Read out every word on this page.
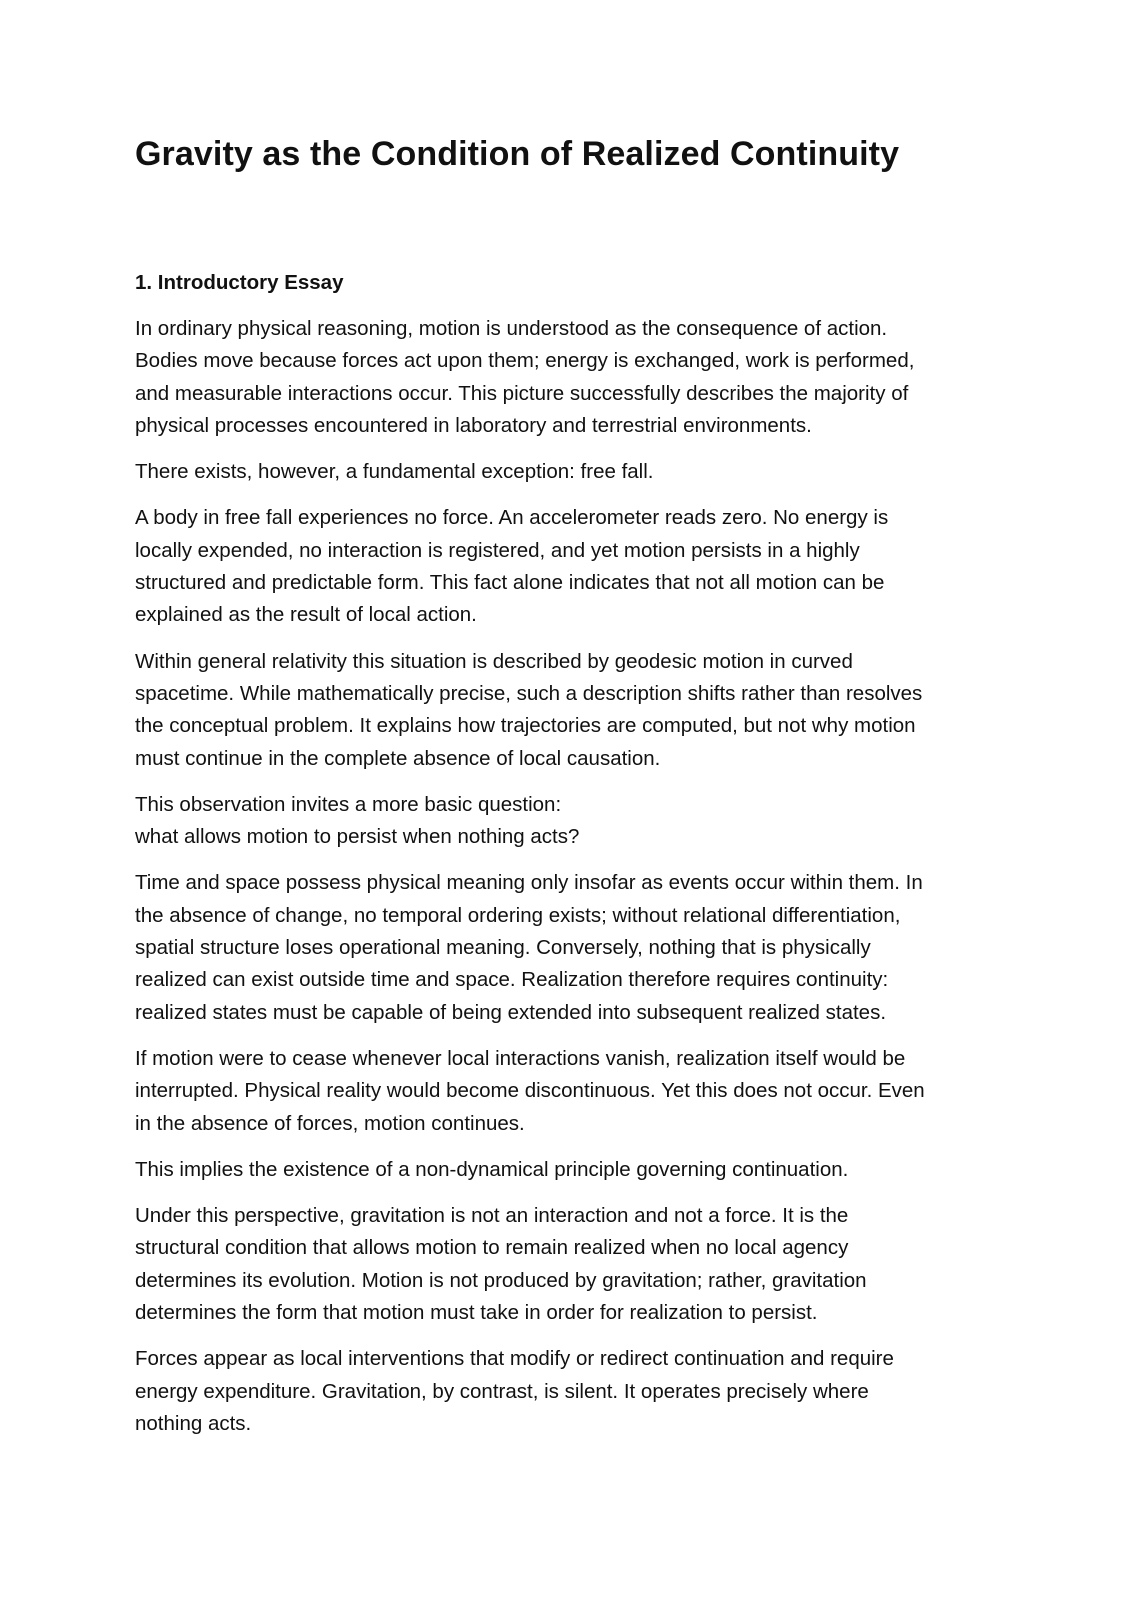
Gravity as the Condition of Realized Continuity
1. Introductory Essay

In ordinary physical reasoning, motion is understood as the consequence of action.
Bodies move because forces act upon them; energy is exchanged, work is performed,
and measurable interactions occur. This picture successfully describes the majority of
physical processes encountered in laboratory and terrestrial environments.

There exists, however, a fundamental exception: free fall.

A body in free fall experiences no force. An accelerometer reads zero. No energy is
locally expended, no interaction is registered, and yet motion persists in a highly
structured and predictable form. This fact alone indicates that not all motion can be
explained as the result of local action.

Within general relativity this situation is described by geodesic motion in curved
spacetime. While mathematically precise, such a description shifts rather than resolves
the conceptual problem. It explains how trajectories are computed, but not why motion
must continue in the complete absence of local causation.

This observation invites a more basic question:
what allows motion to persist when nothing acts?

Time and space possess physical meaning only insofar as events occur within them. In
the absence of change, no temporal ordering exists; without relational differentiation,
spatial structure loses operational meaning. Conversely, nothing that is physically
realized can exist outside time and space. Realization therefore requires continuity:
realized states must be capable of being extended into subsequent realized states.

If motion were to cease whenever local interactions vanish, realization itself would be
interrupted. Physical reality would become discontinuous. Yet this does not occur. Even
in the absence of forces, motion continues.

This implies the existence of a non-dynamical principle governing continuation.

Under this perspective, gravitation is not an interaction and not a force. It is the
structural condition that allows motion to remain realized when no local agency
determines its evolution. Motion is not produced by gravitation; rather, gravitation
determines the form that motion must take in order for realization to persist.

Forces appear as local interventions that modify or redirect continuation and require
energy expenditure. Gravitation, by contrast, is silent. It operates precisely where
nothing acts.
